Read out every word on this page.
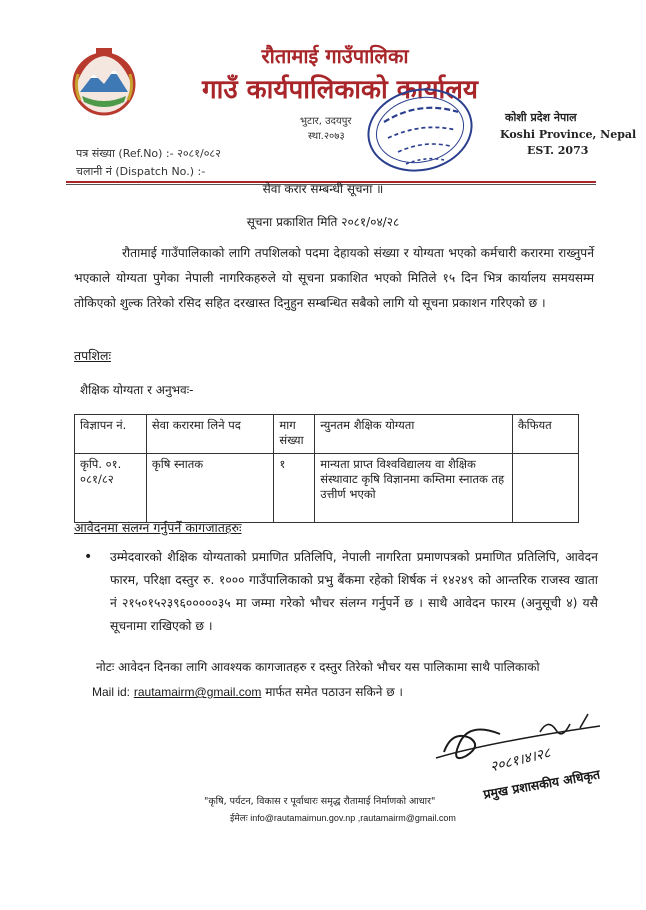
रौतामाई गाउँपालिका
गाउँ कार्यपालिकाको कार्यालय
भुटार, उदयपुर
स्था.२०७३
कोशी प्रदेश नेपाल
Koshi Province, Nepal
EST. 2073
पत्र संख्या (Ref.No) :- २०८१/०८२
चलानी नं (Dispatch No.) :-
सेवा करार सम्बन्धी सूचना ॥
सूचना प्रकाशित मिति २०८१/०४/२८
रौतामाई गाउँपालिकाको लागि तपशिलको पदमा देहायको संख्या र योग्यता भएको कर्मचारी करारमा राख्नुपर्ने भएकाले योग्यता पुगेका नेपाली नागरिकहरुले यो सूचना प्रकाशित भएको मितिले १५ दिन भित्र कार्यालय समयसम्म तोकिएको शुल्क तिरेको रसिद सहित दरखास्त दिनुहुन सम्बन्धित सबैको लागि यो सूचना प्रकाशन गरिएको छ ।
तपशिलः
शैक्षिक योग्यता र अनुभवः-
विज्ञापन नं.	सेवा करारमा लिने पद	माग संख्या	न्युनतम शैक्षिक योग्यता	कैफियत
कृपि. ०१. ०८१/८२	कृषि स्नातक	१	मान्यता प्राप्त विश्वविद्यालय वा शैक्षिक संस्थावाट कृषि विज्ञानमा कम्तिमा स्नातक तह उत्तीर्ण भएको	
आवेदनमा संलग्न गर्नुपर्ने कागजातहरुः
• उम्मेदवारको शैक्षिक योग्यताको प्रमाणित प्रतिलिपि, नेपाली नागरिता प्रमाणपत्रको प्रमाणित प्रतिलिपि, आवेदन फारम, परिक्षा दस्तुर रु. १००० गाउँपालिकाको प्रभु बैंकमा रहेको शिर्षक नं १४२४९ को आन्तरिक राजस्व खाता नं २१५०१५२३९६०००००३५ मा जम्मा गरेको भौचर संलग्न गर्नुपर्ने छ । साथै आवेदन फारम (अनुसूची ४) यसै सूचनामा राखिएको छ ।
नोटः आवेदन दिनका लागि आवश्यक कागजातहरु र दस्तुर तिरेको भौचर यस पालिकामा साथै पालिकाको
Mail id: rautamairm@gmail.com मार्फत समेत पठाउन सकिने छ ।
२०८१।४।२८
प्रमुख प्रशासकीय अधिकृत
"कृषि, पर्यटन, विकास र पूर्वाधारः समृद्ध रौतामाई निर्माणको आधार"
ईमेलः info@rautamaimun.gov.np ,rautamairm@gmail.com
